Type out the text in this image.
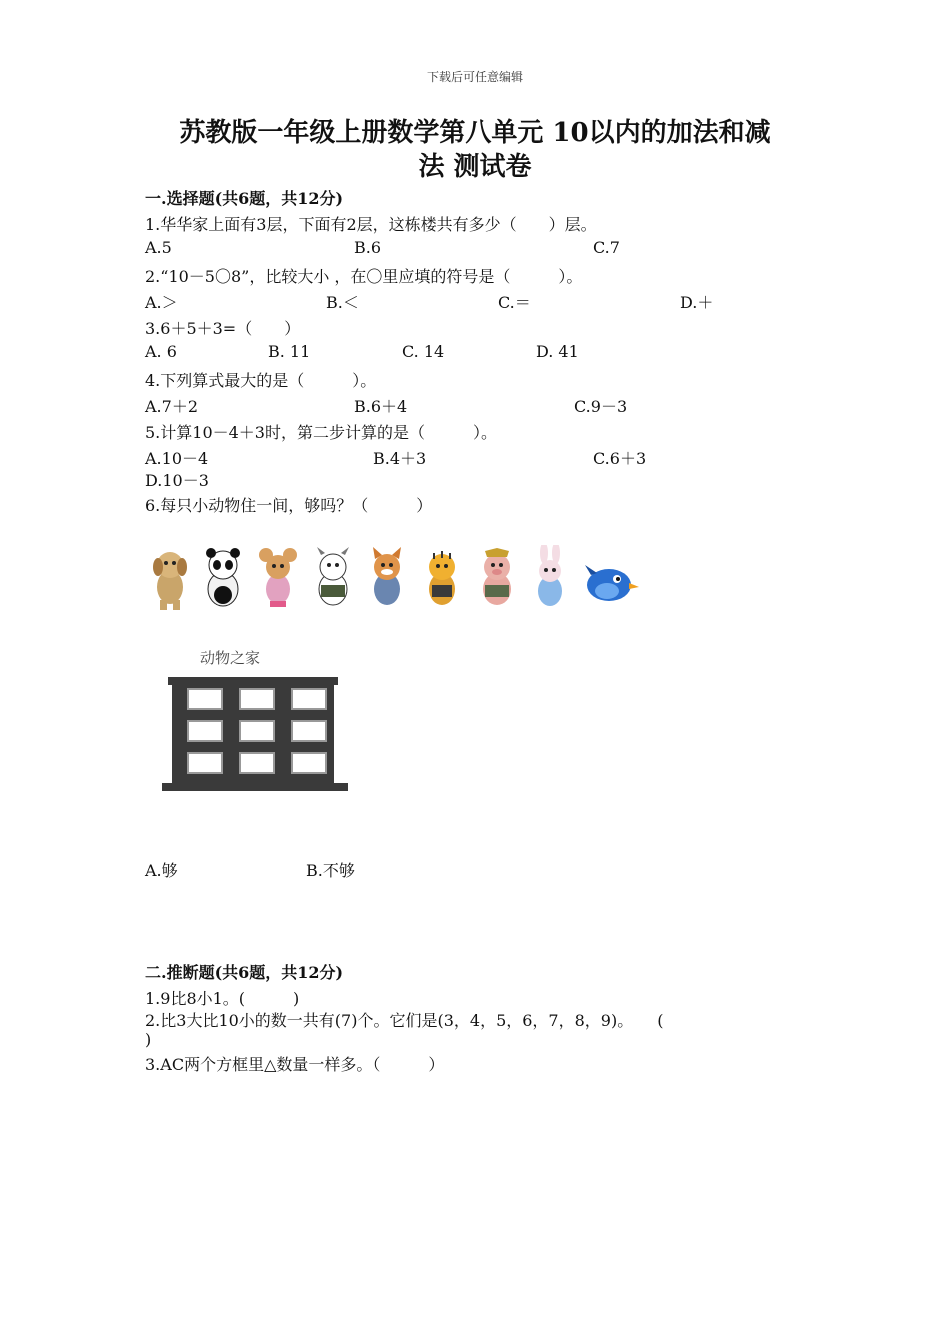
下载后可任意编辑
苏教版一年级上册数学第八单元 10以内的加法和减
法 测试卷
一.选择题(共6题，共12分)
1.华华家上面有3层，下面有2层，这栋楼共有多少（　　）层。
A.5	B.6	C.7
2.“10－5〇8”，比较大小 ，在〇里应填的符号是（　　　）。
A.＞	B.＜	C.＝	D.＋
3.6＋5＋3=（　　）
A. 6	B. 11	C. 14	D. 41
4.下列算式最大的是（　　　）。
A.7＋2	B.6＋4	C.9－3
5.计算10－4＋3时，第二步计算的是（　　　）。
A.10－4	B.4＋3	C.6＋3
D.10－3
6.每只小动物住一间，够吗？（　　　）
动物之家
A.够	B.不够
二.推断题(共6题，共12分)
1.9比8小1。(　　　)
2.比3大比10小的数一共有(7)个。它们是(3，4，5，6，7，8，9)。　　(
)
3.AC两个方框里△数量一样多。（　　　）
